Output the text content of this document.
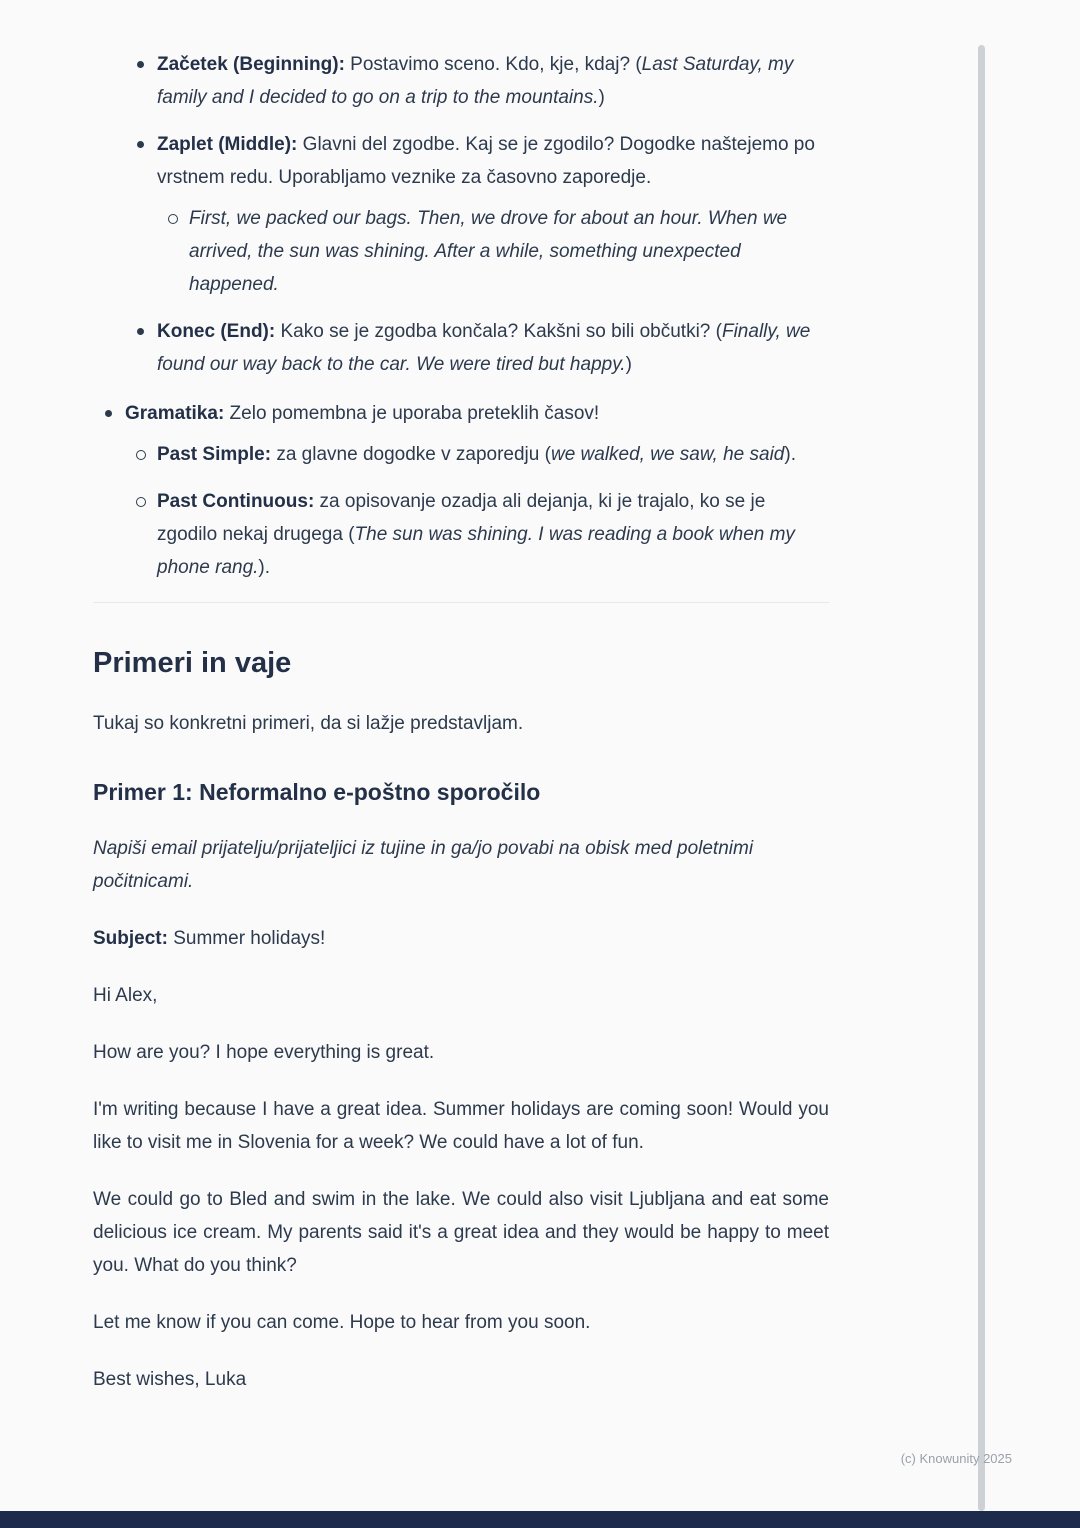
Začetek (Beginning): Postavimo sceno. Kdo, kje, kdaj? (Last Saturday, my family and I decided to go on a trip to the mountains.)
Zaplet (Middle): Glavni del zgodbe. Kaj se je zgodilo? Dogodke naštejemo po vrstnem redu. Uporabljamo veznike za časovno zaporedje.
First, we packed our bags. Then, we drove for about an hour. When we arrived, the sun was shining. After a while, something unexpected happened.
Konec (End): Kako se je zgodba končala? Kakšni so bili občutki? (Finally, we found our way back to the car. We were tired but happy.)
Gramatika: Zelo pomembna je uporaba preteklih časov!
Past Simple: za glavne dogodke v zaporedju (we walked, we saw, he said).
Past Continuous: za opisovanje ozadja ali dejanja, ki je trajalo, ko se je zgodilo nekaj drugega (The sun was shining. I was reading a book when my phone rang.).
Primeri in vaje

Tukaj so konkretni primeri, da si lažje predstavljam.

Primer 1: Neformalno e-poštno sporočilo

Napiši email prijatelju/prijateljici iz tujine in ga/jo povabi na obisk med poletnimi počitnicami.

Subject: Summer holidays!

Hi Alex,

How are you? I hope everything is great.

I'm writing because I have a great idea. Summer holidays are coming soon! Would you like to visit me in Slovenia for a week? We could have a lot of fun.

We could go to Bled and swim in the lake. We could also visit Ljubljana and eat some delicious ice cream. My parents said it's a great idea and they would be happy to meet you. What do you think?

Let me know if you can come. Hope to hear from you soon.

Best wishes, Luka

(c) Knowunity 2025
